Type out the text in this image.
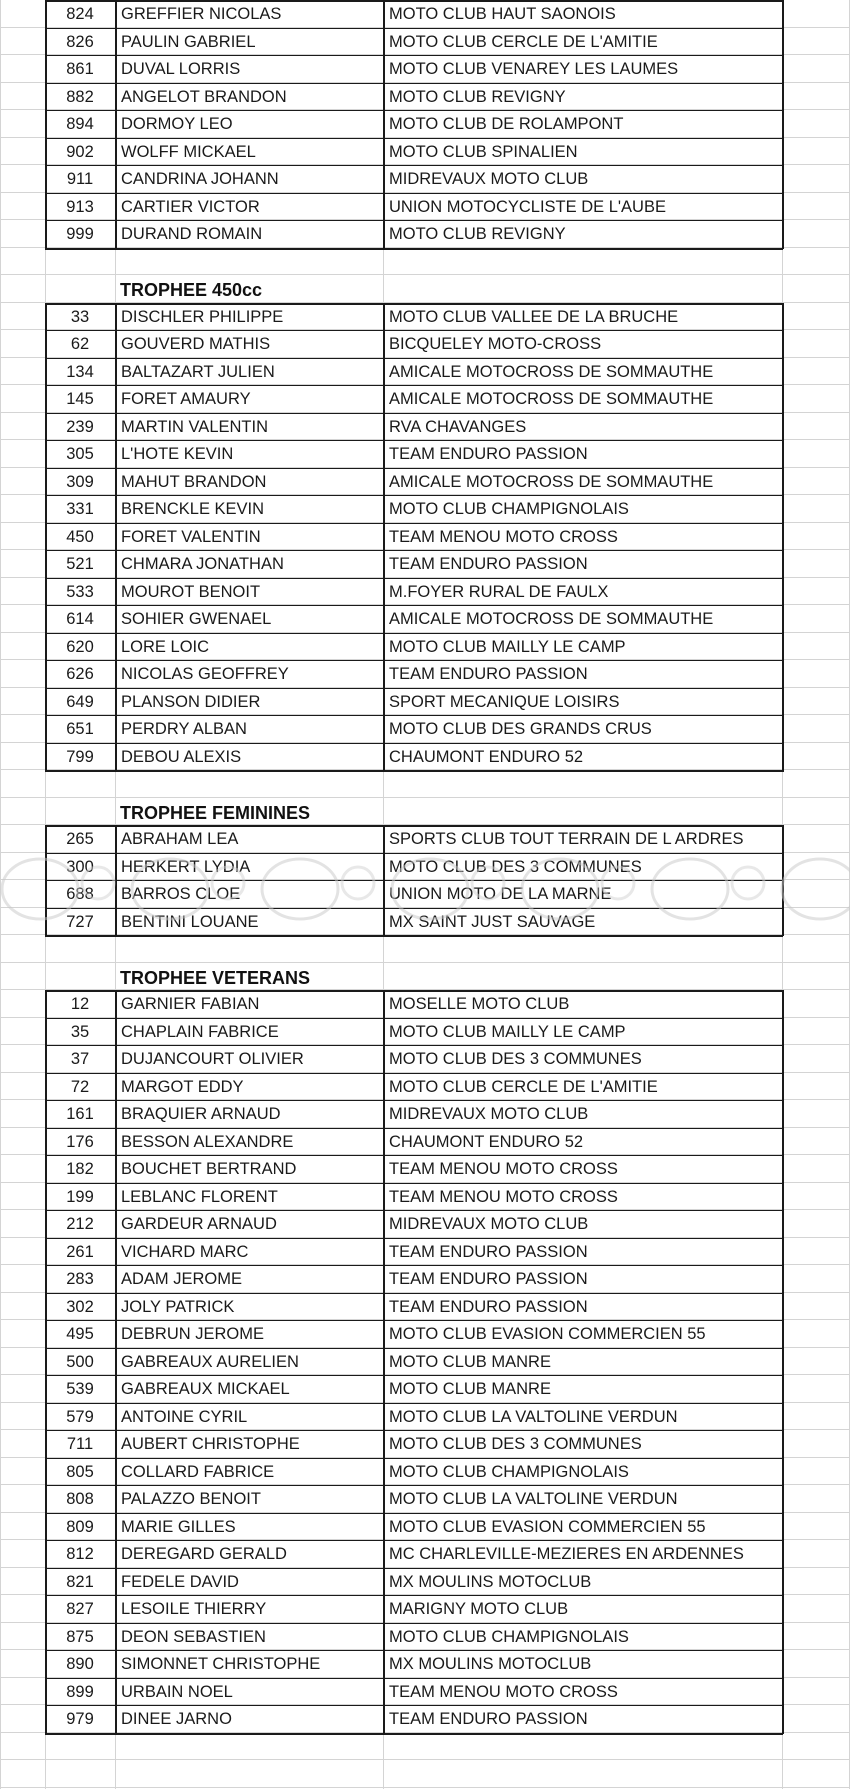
824	GREFFIER NICOLAS	MOTO CLUB HAUT SAONOIS
826	PAULIN GABRIEL	MOTO CLUB CERCLE DE L'AMITIE
861	DUVAL LORRIS	MOTO CLUB VENAREY LES LAUMES
882	ANGELOT BRANDON	MOTO CLUB REVIGNY
894	DORMOY LEO	MOTO CLUB DE ROLAMPONT
902	WOLFF MICKAEL	MOTO CLUB SPINALIEN
911	CANDRINA JOHANN	MIDREVAUX MOTO CLUB
913	CARTIER VICTOR	UNION MOTOCYCLISTE DE L'AUBE
999	DURAND ROMAIN	MOTO CLUB REVIGNY
TROPHEE 450cc
33	DISCHLER PHILIPPE	MOTO CLUB VALLEE DE LA BRUCHE
62	GOUVERD MATHIS	BICQUELEY MOTO-CROSS
134	BALTAZART JULIEN	AMICALE MOTOCROSS DE SOMMAUTHE
145	FORET AMAURY	AMICALE MOTOCROSS DE SOMMAUTHE
239	MARTIN VALENTIN	RVA CHAVANGES
305	L'HOTE KEVIN	TEAM ENDURO PASSION
309	MAHUT BRANDON	AMICALE MOTOCROSS DE SOMMAUTHE
331	BRENCKLE KEVIN	MOTO CLUB CHAMPIGNOLAIS
450	FORET VALENTIN	TEAM MENOU MOTO CROSS
521	CHMARA JONATHAN	TEAM ENDURO PASSION
533	MOUROT BENOIT	M.FOYER RURAL DE FAULX
614	SOHIER GWENAEL	AMICALE MOTOCROSS DE SOMMAUTHE
620	LORE LOIC	MOTO CLUB MAILLY LE CAMP
626	NICOLAS GEOFFREY	TEAM ENDURO PASSION
649	PLANSON DIDIER	SPORT MECANIQUE LOISIRS
651	PERDRY ALBAN	MOTO CLUB DES GRANDS CRUS
799	DEBOU ALEXIS	CHAUMONT ENDURO 52
TROPHEE FEMININES
265	ABRAHAM LEA	SPORTS CLUB TOUT TERRAIN DE L ARDRES
300	HERKERT LYDIA	MOTO CLUB DES 3 COMMUNES
688	BARROS CLOE	UNION MOTO DE LA MARNE
727	BENTINI LOUANE	MX SAINT JUST SAUVAGE
TROPHEE VETERANS
12	GARNIER FABIAN	MOSELLE MOTO CLUB
35	CHAPLAIN FABRICE	MOTO CLUB MAILLY LE CAMP
37	DUJANCOURT OLIVIER	MOTO CLUB DES 3 COMMUNES
72	MARGOT EDDY	MOTO CLUB CERCLE DE L'AMITIE
161	BRAQUIER ARNAUD	MIDREVAUX MOTO CLUB
176	BESSON ALEXANDRE	CHAUMONT ENDURO 52
182	BOUCHET BERTRAND	TEAM MENOU MOTO CROSS
199	LEBLANC FLORENT	TEAM MENOU MOTO CROSS
212	GARDEUR ARNAUD	MIDREVAUX MOTO CLUB
261	VICHARD MARC	TEAM ENDURO PASSION
283	ADAM JEROME	TEAM ENDURO PASSION
302	JOLY PATRICK	TEAM ENDURO PASSION
495	DEBRUN JEROME	MOTO CLUB EVASION COMMERCIEN 55
500	GABREAUX AURELIEN	MOTO CLUB MANRE
539	GABREAUX MICKAEL	MOTO CLUB MANRE
579	ANTOINE CYRIL	MOTO CLUB LA VALTOLINE VERDUN
711	AUBERT CHRISTOPHE	MOTO CLUB DES 3 COMMUNES
805	COLLARD FABRICE	MOTO CLUB CHAMPIGNOLAIS
808	PALAZZO BENOIT	MOTO CLUB LA VALTOLINE VERDUN
809	MARIE GILLES	MOTO CLUB EVASION COMMERCIEN 55
812	DEREGARD GERALD	MC CHARLEVILLE-MEZIERES EN ARDENNES
821	FEDELE DAVID	MX MOULINS MOTOCLUB
827	LESOILE THIERRY	MARIGNY MOTO CLUB
875	DEON SEBASTIEN	MOTO CLUB CHAMPIGNOLAIS
890	SIMONNET CHRISTOPHE	MX MOULINS MOTOCLUB
899	URBAIN NOEL	TEAM MENOU MOTO CROSS
979	DINEE JARNO	TEAM ENDURO PASSION
